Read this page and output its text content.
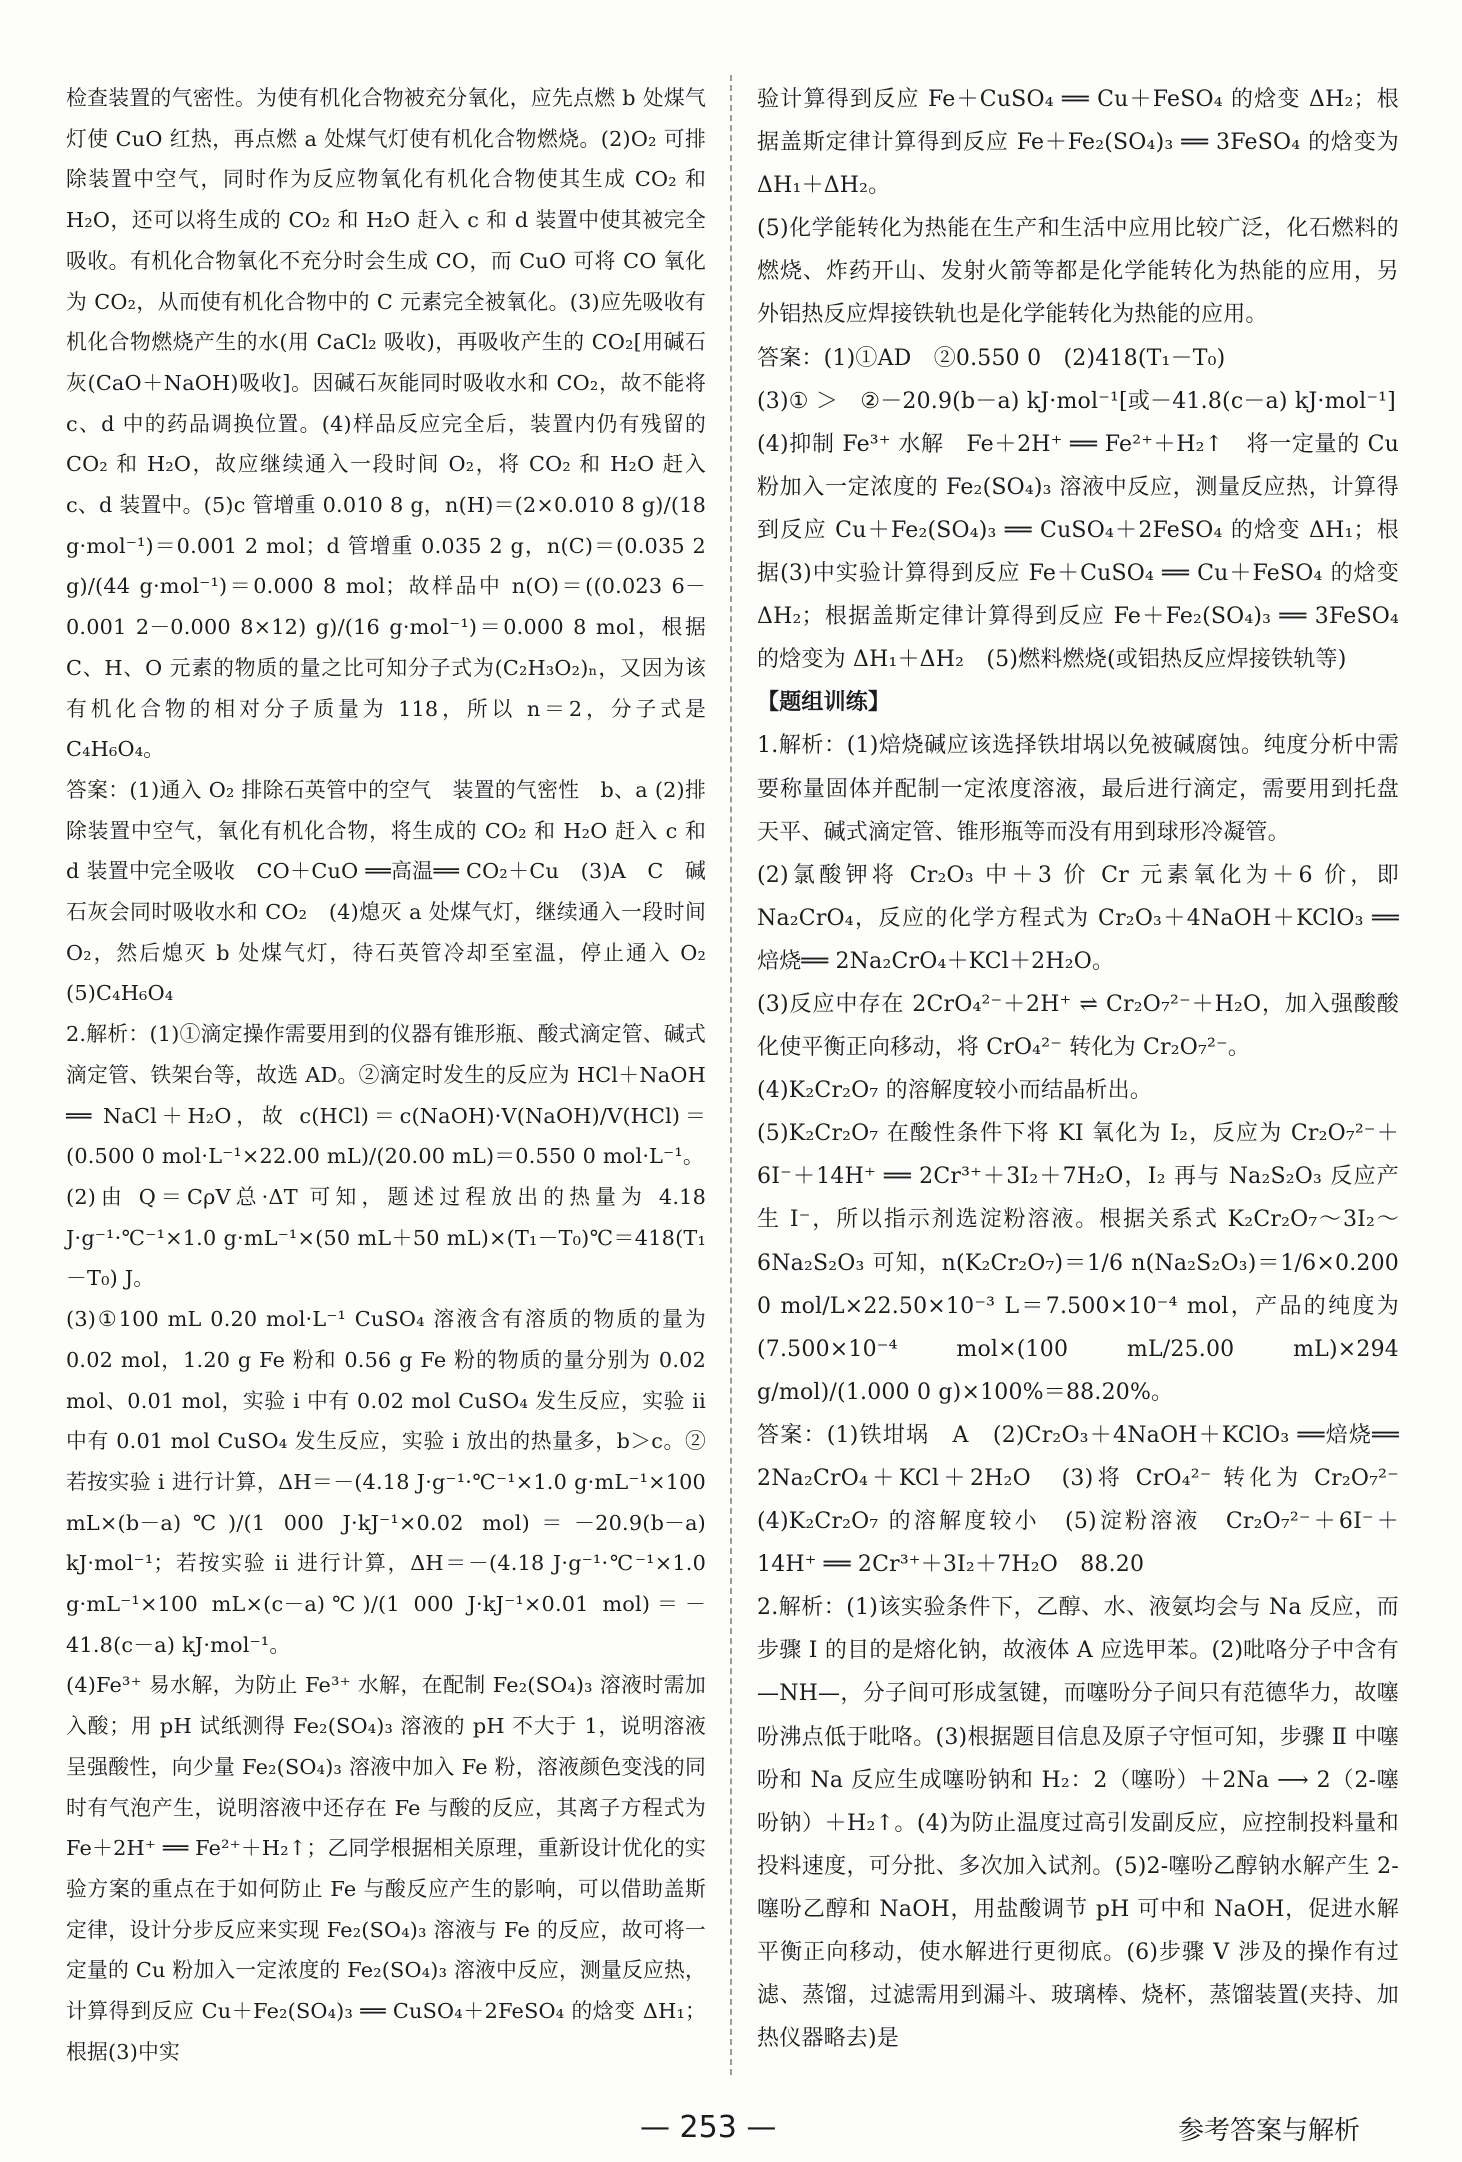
检查装置的气密性。为使有机化合物被充分氧化，应先点燃 b 处煤气灯使 CuO 红热，再点燃 a 处煤气灯使有机化合物燃烧。(2)O₂ 可排除装置中空气，同时作为反应物氧化有机化合物使其生成 CO₂ 和 H₂O，还可以将生成的 CO₂ 和 H₂O 赶入 c 和 d 装置中使其被完全吸收。有机化合物氧化不充分时会生成 CO，而 CuO 可将 CO 氧化为 CO₂，从而使有机化合物中的 C 元素完全被氧化。(3)应先吸收有机化合物燃烧产生的水(用 CaCl₂ 吸收)，再吸收产生的 CO₂[用碱石灰(CaO＋NaOH)吸收]。因碱石灰能同时吸收水和 CO₂，故不能将 c、d 中的药品调换位置。(4)样品反应完全后，装置内仍有残留的 CO₂ 和 H₂O，故应继续通入一段时间 O₂，将 CO₂ 和 H₂O 赶入 c、d 装置中。(5)c 管增重 0.010 8 g，n(H)＝(2×0.010 8 g)/(18 g·mol⁻¹)＝0.001 2 mol；d 管增重 0.035 2 g，n(C)＝(0.035 2 g)/(44 g·mol⁻¹)＝0.000 8 mol；故样品中 n(O)＝((0.023 6－0.001 2－0.000 8×12) g)/(16 g·mol⁻¹)＝0.000 8 mol，根据 C、H、O 元素的物质的量之比可知分子式为(C₂H₃O₂)ₙ，又因为该有机化合物的相对分子质量为 118，所以 n＝2，分子式是 C₄H₆O₄。

答案：(1)通入 O₂ 排除石英管中的空气　装置的气密性　b、a (2)排除装置中空气，氧化有机化合物，将生成的 CO₂ 和 H₂O 赶入 c 和 d 装置中完全吸收　CO＋CuO ══高温══ CO₂＋Cu　(3)A　C　碱石灰会同时吸收水和 CO₂　(4)熄灭 a 处煤气灯，继续通入一段时间 O₂，然后熄灭 b 处煤气灯，待石英管冷却至室温，停止通入 O₂　(5)C₄H₆O₄

2.解析：(1)①滴定操作需要用到的仪器有锥形瓶、酸式滴定管、碱式滴定管、铁架台等，故选 AD。②滴定时发生的反应为 HCl＋NaOH ══ NaCl＋H₂O，故 c(HCl)＝c(NaOH)·V(NaOH)/V(HCl)＝(0.500 0 mol·L⁻¹×22.00 mL)/(20.00 mL)＝0.550 0 mol·L⁻¹。

(2)由 Q＝CρV总·ΔT 可知，题述过程放出的热量为 4.18 J·g⁻¹·℃⁻¹×1.0 g·mL⁻¹×(50 mL＋50 mL)×(T₁－T₀)℃＝418(T₁－T₀) J。

(3)①100 mL 0.20 mol·L⁻¹ CuSO₄ 溶液含有溶质的物质的量为 0.02 mol，1.20 g Fe 粉和 0.56 g Fe 粉的物质的量分别为 0.02 mol、0.01 mol，实验 i 中有 0.02 mol CuSO₄ 发生反应，实验 ii 中有 0.01 mol CuSO₄ 发生反应，实验 i 放出的热量多，b＞c。②若按实验 i 进行计算，ΔH＝－(4.18 J·g⁻¹·℃⁻¹×1.0 g·mL⁻¹×100 mL×(b－a)℃)/(1 000 J·kJ⁻¹×0.02 mol)＝－20.9(b－a) kJ·mol⁻¹；若按实验 ii 进行计算，ΔH＝－(4.18 J·g⁻¹·℃⁻¹×1.0 g·mL⁻¹×100 mL×(c－a)℃)/(1 000 J·kJ⁻¹×0.01 mol)＝－41.8(c－a) kJ·mol⁻¹。

(4)Fe³⁺ 易水解，为防止 Fe³⁺ 水解，在配制 Fe₂(SO₄)₃ 溶液时需加入酸；用 pH 试纸测得 Fe₂(SO₄)₃ 溶液的 pH 不大于 1，说明溶液呈强酸性，向少量 Fe₂(SO₄)₃ 溶液中加入 Fe 粉，溶液颜色变浅的同时有气泡产生，说明溶液中还存在 Fe 与酸的反应，其离子方程式为 Fe＋2H⁺ ══ Fe²⁺＋H₂↑；乙同学根据相关原理，重新设计优化的实验方案的重点在于如何防止 Fe 与酸反应产生的影响，可以借助盖斯定律，设计分步反应来实现 Fe₂(SO₄)₃ 溶液与 Fe 的反应，故可将一定量的 Cu 粉加入一定浓度的 Fe₂(SO₄)₃ 溶液中反应，测量反应热，计算得到反应 Cu＋Fe₂(SO₄)₃ ══ CuSO₄＋2FeSO₄ 的焓变 ΔH₁；根据(3)中实

验计算得到反应 Fe＋CuSO₄ ══ Cu＋FeSO₄ 的焓变 ΔH₂；根据盖斯定律计算得到反应 Fe＋Fe₂(SO₄)₃ ══ 3FeSO₄ 的焓变为 ΔH₁＋ΔH₂。

(5)化学能转化为热能在生产和生活中应用比较广泛，化石燃料的燃烧、炸药开山、发射火箭等都是化学能转化为热能的应用，另外铝热反应焊接铁轨也是化学能转化为热能的应用。

答案：(1)①AD　②0.550 0　(2)418(T₁－T₀)

(3)① ＞　②－20.9(b－a) kJ·mol⁻¹[或－41.8(c－a) kJ·mol⁻¹]

(4)抑制 Fe³⁺ 水解　Fe＋2H⁺ ══ Fe²⁺＋H₂↑　将一定量的 Cu 粉加入一定浓度的 Fe₂(SO₄)₃ 溶液中反应，测量反应热，计算得到反应 Cu＋Fe₂(SO₄)₃ ══ CuSO₄＋2FeSO₄ 的焓变 ΔH₁；根据(3)中实验计算得到反应 Fe＋CuSO₄ ══ Cu＋FeSO₄ 的焓变 ΔH₂；根据盖斯定律计算得到反应 Fe＋Fe₂(SO₄)₃ ══ 3FeSO₄ 的焓变为 ΔH₁＋ΔH₂　(5)燃料燃烧(或铝热反应焊接铁轨等)

【题组训练】

1.解析：(1)焙烧碱应该选择铁坩埚以免被碱腐蚀。纯度分析中需要称量固体并配制一定浓度溶液，最后进行滴定，需要用到托盘天平、碱式滴定管、锥形瓶等而没有用到球形冷凝管。

(2)氯酸钾将 Cr₂O₃ 中＋3 价 Cr 元素氧化为＋6 价，即 Na₂CrO₄，反应的化学方程式为 Cr₂O₃＋4NaOH＋KClO₃ ══焙烧══ 2Na₂CrO₄＋KCl＋2H₂O。

(3)反应中存在 2CrO₄²⁻＋2H⁺ ⇌ Cr₂O₇²⁻＋H₂O，加入强酸酸化使平衡正向移动，将 CrO₄²⁻ 转化为 Cr₂O₇²⁻。

(4)K₂Cr₂O₇ 的溶解度较小而结晶析出。

(5)K₂Cr₂O₇ 在酸性条件下将 KI 氧化为 I₂，反应为 Cr₂O₇²⁻＋6I⁻＋14H⁺ ══ 2Cr³⁺＋3I₂＋7H₂O，I₂ 再与 Na₂S₂O₃ 反应产生 I⁻，所以指示剂选淀粉溶液。根据关系式 K₂Cr₂O₇～3I₂～6Na₂S₂O₃ 可知，n(K₂Cr₂O₇)＝1/6 n(Na₂S₂O₃)＝1/6×0.200 0 mol/L×22.50×10⁻³ L＝7.500×10⁻⁴ mol，产品的纯度为 (7.500×10⁻⁴ mol×(100 mL/25.00 mL)×294 g/mol)/(1.000 0 g)×100%＝88.20%。

答案：(1)铁坩埚　A　(2)Cr₂O₃＋4NaOH＋KClO₃ ══焙烧══ 2Na₂CrO₄＋KCl＋2H₂O　(3)将 CrO₄²⁻ 转化为 Cr₂O₇²⁻　(4)K₂Cr₂O₇ 的溶解度较小　(5)淀粉溶液　Cr₂O₇²⁻＋6I⁻＋14H⁺ ══ 2Cr³⁺＋3I₂＋7H₂O　88.20

2.解析：(1)该实验条件下，乙醇、水、液氨均会与 Na 反应，而步骤 Ⅰ 的目的是熔化钠，故液体 A 应选甲苯。(2)吡咯分子中含有—NH—，分子间可形成氢键，而噻吩分子间只有范德华力，故噻吩沸点低于吡咯。(3)根据题目信息及原子守恒可知，步骤 Ⅱ 中噻吩和 Na 反应生成噻吩钠和 H₂：2（噻吩）＋2Na ⟶ 2（2-噻吩钠）＋H₂↑。(4)为防止温度过高引发副反应，应控制投料量和投料速度，可分批、多次加入试剂。(5)2-噻吩乙醇钠水解产生 2-噻吩乙醇和 NaOH，用盐酸调节 pH 可中和 NaOH，促进水解平衡正向移动，使水解进行更彻底。(6)步骤 Ⅴ 涉及的操作有过滤、蒸馏，过滤需用到漏斗、玻璃棒、烧杯，蒸馏装置(夹持、加热仪器略去)是

— 253 —	参考答案与解析
